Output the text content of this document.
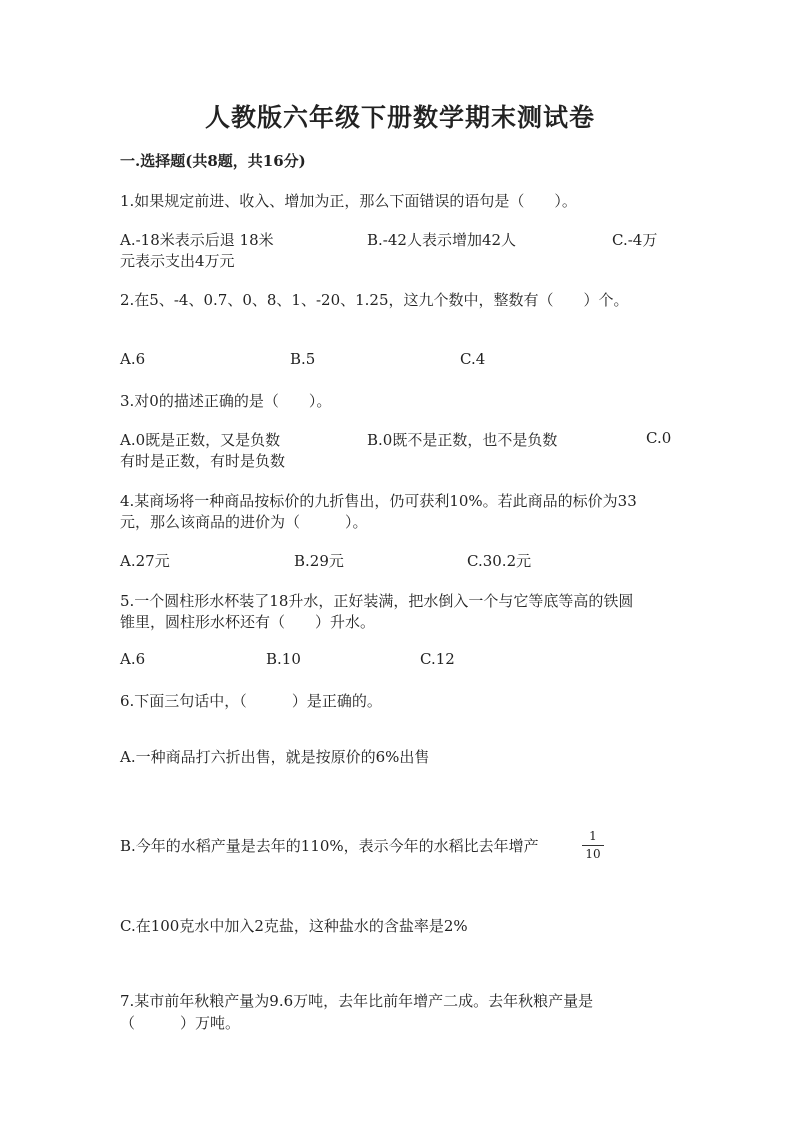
人教版六年级下册数学期末测试卷
一.选择题(共8题，共16分)
1.如果规定前进、收入、增加为正，那么下面错误的语句是（　　）。
A.-18米表示后退 18米	B.-42人表示增加42人	C.-4万
元表示支出4万元
2.在5、-4、0.7、0、8、1、-20、1.25，这九个数中，整数有（　　）个。
A.6	B.5	C.4
3.对0的描述正确的是（　　）。
A.0既是正数，又是负数	B.0既不是正数，也不是负数	C.0
有时是正数，有时是负数
4.某商场将一种商品按标价的九折售出，仍可获利10%。若此商品的标价为33
元，那么该商品的进价为（　　　）。
A.27元	B.29元	C.30.2元
5.一个圆柱形水杯装了18升水，正好装满，把水倒入一个与它等底等高的铁圆
锥里，圆柱形水杯还有（　　）升水。
A.6	B.10	C.12
6.下面三句话中，（　　　）是正确的。
A.一种商品打六折出售，就是按原价的6%出售
B.今年的水稻产量是去年的110%，表示今年的水稻比去年增产
1
10
C.在100克水中加入2克盐，这种盐水的含盐率是2%
7.某市前年秋粮产量为9.6万吨，去年比前年增产二成。去年秋粮产量是
（　　　）万吨。
